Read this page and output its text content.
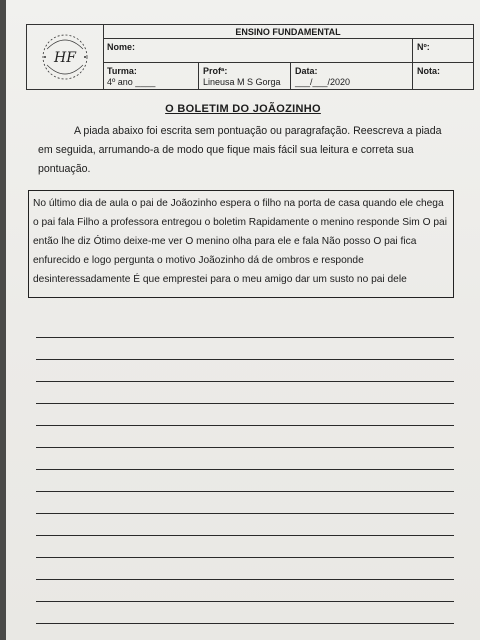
HF
ENSINO FUNDAMENTAL
Nome:	Nº:
Turma:
4º ano ____
Profª:
Lineusa M S Gorga
Data:
___/___/2020
Nota:
O BOLETIM DO JOÃOZINHO

A piada abaixo foi escrita sem pontuação ou paragrafação. Reescreva a piada em seguida, arrumando-a de modo que fique mais fácil sua leitura e correta sua pontuação.

No último dia de aula o pai de Joãozinho espera o filho na porta de casa quando ele chega o pai fala Filho a professora entregou o boletim Rapidamente o menino responde Sim O pai então lhe diz Ótimo deixe-me ver O menino olha para ele e fala Não posso O pai fica enfurecido e logo pergunta o motivo Joãozinho dá de ombros e responde desinteressadamente É que emprestei para o meu amigo dar um susto no pai dele
